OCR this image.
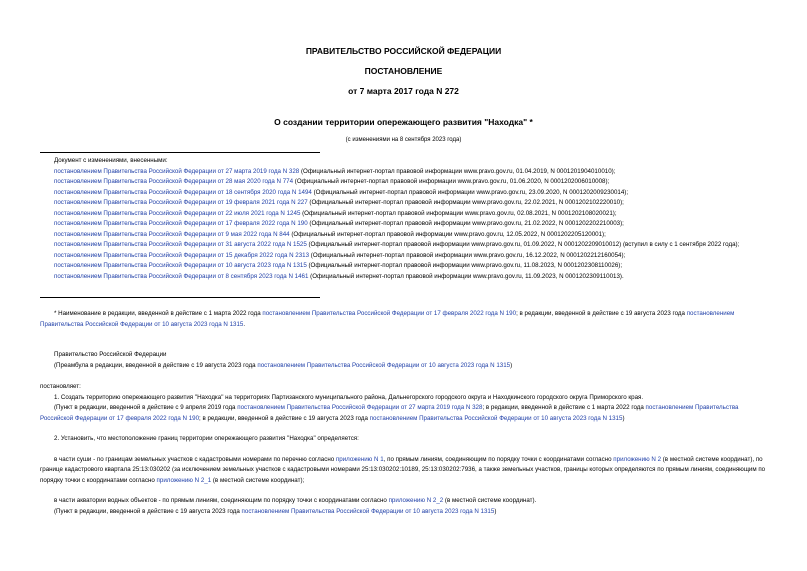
ПРАВИТЕЛЬСТВО РОССИЙСКОЙ ФЕДЕРАЦИИ
ПОСТАНОВЛЕНИЕ
от 7 марта 2017 года N 272
О создании территории опережающего развития "Находка" *
(с изменениями на 8 сентября 2023 года)
Документ с изменениями, внесенными:
постановлением Правительства Российской Федерации от 27 марта 2019 года N 328 (Официальный интернет-портал правовой информации www.pravo.gov.ru, 01.04.2019, N 0001201904010010);
постановлением Правительства Российской Федерации от 28 мая 2020 года N 774 (Официальный интернет-портал правовой информации www.pravo.gov.ru, 01.06.2020, N 0001202006010008);
постановлением Правительства Российской Федерации от 18 сентября 2020 года N 1494 (Официальный интернет-портал правовой информации www.pravo.gov.ru, 23.09.2020, N 0001202009230014);
постановлением Правительства Российской Федерации от 19 февраля 2021 года N 227 (Официальный интернет-портал правовой информации www.pravo.gov.ru, 22.02.2021, N 0001202102220010);
постановлением Правительства Российской Федерации от 22 июля 2021 года N 1245 (Официальный интернет-портал правовой информации www.pravo.gov.ru, 02.08.2021, N 0001202108020021);
постановлением Правительства Российской Федерации от 17 февраля 2022 года N 190 (Официальный интернет-портал правовой информации www.pravo.gov.ru, 21.02.2022, N 0001202202210003);
постановлением Правительства Российской Федерации от 9 мая 2022 года N 844 (Официальный интернет-портал правовой информации www.pravo.gov.ru, 12.05.2022, N 0001202205120001);
постановлением Правительства Российской Федерации от 31 августа 2022 года N 1525 (Официальный интернет-портал правовой информации www.pravo.gov.ru, 01.09.2022, N 0001202209010012) (вступил в силу с 1 сентября 2022 года);
постановлением Правительства Российской Федерации от 15 декабря 2022 года N 2313 (Официальный интернет-портал правовой информации www.pravo.gov.ru, 16.12.2022, N 0001202212160054);
постановлением Правительства Российской Федерации от 10 августа 2023 года N 1315 (Официальный интернет-портал правовой информации www.pravo.gov.ru, 11.08.2023, N 0001202308110026);
постановлением Правительства Российской Федерации от 8 сентября 2023 года N 1461 (Официальный интернет-портал правовой информации www.pravo.gov.ru, 11.09.2023, N 0001202309110013).
* Наименование в редакции, введенной в действие с 1 марта 2022 года постановлением Правительства Российской Федерации от 17 февраля 2022 года N 190; в редакции, введенной в действие с 19 августа 2023 года постановлением Правительства Российской Федерации от 10 августа 2023 года N 1315.
Правительство Российской Федерации
(Преамбула в редакции, введенной в действие с 19 августа 2023 года постановлением Правительства Российской Федерации от 10 августа 2023 года N 1315)

постановляет:

1. Создать территорию опережающего развития "Находка" на территориях Партизанского муниципального района, Дальнегорского городского округа и Находкинского городского округа Приморского края.

(Пункт в редакции, введенной в действие с 9 апреля 2019 года постановлением Правительства Российской Федерации от 27 марта 2019 года N 328; в редакции, введенной в действие с 1 марта 2022 года постановлением Правительства Российской Федерации от 17 февраля 2022 года N 190; в редакции, введенной в действие с 19 августа 2023 года постановлением Правительства Российской Федерации от 10 августа 2023 года N 1315)

2. Установить, что местоположение границ территории опережающего развития "Находка" определяется:

в части суши - по границам земельных участков с кадастровыми номерами по перечню согласно приложению N 1, по прямым линиям, соединяющим по порядку точки с координатами согласно приложению N 2 (в местной системе координат), по границе кадастрового квартала 25:13:030202 (за исключением земельных участков с кадастровыми номерами 25:13:030202:10189, 25:13:030202:7936, а также земельных участков, границы которых определяются по прямым линиям, соединяющим по порядку точки с координатами согласно приложению N 2_1 (в местной системе координат);

в части акватории водных объектов - по прямым линиям, соединяющим по порядку точки с координатами согласно приложению N 2_2 (в местной системе координат).

(Пункт в редакции, введенной в действие с 19 августа 2023 года постановлением Правительства Российской Федерации от 10 августа 2023 года N 1315)
